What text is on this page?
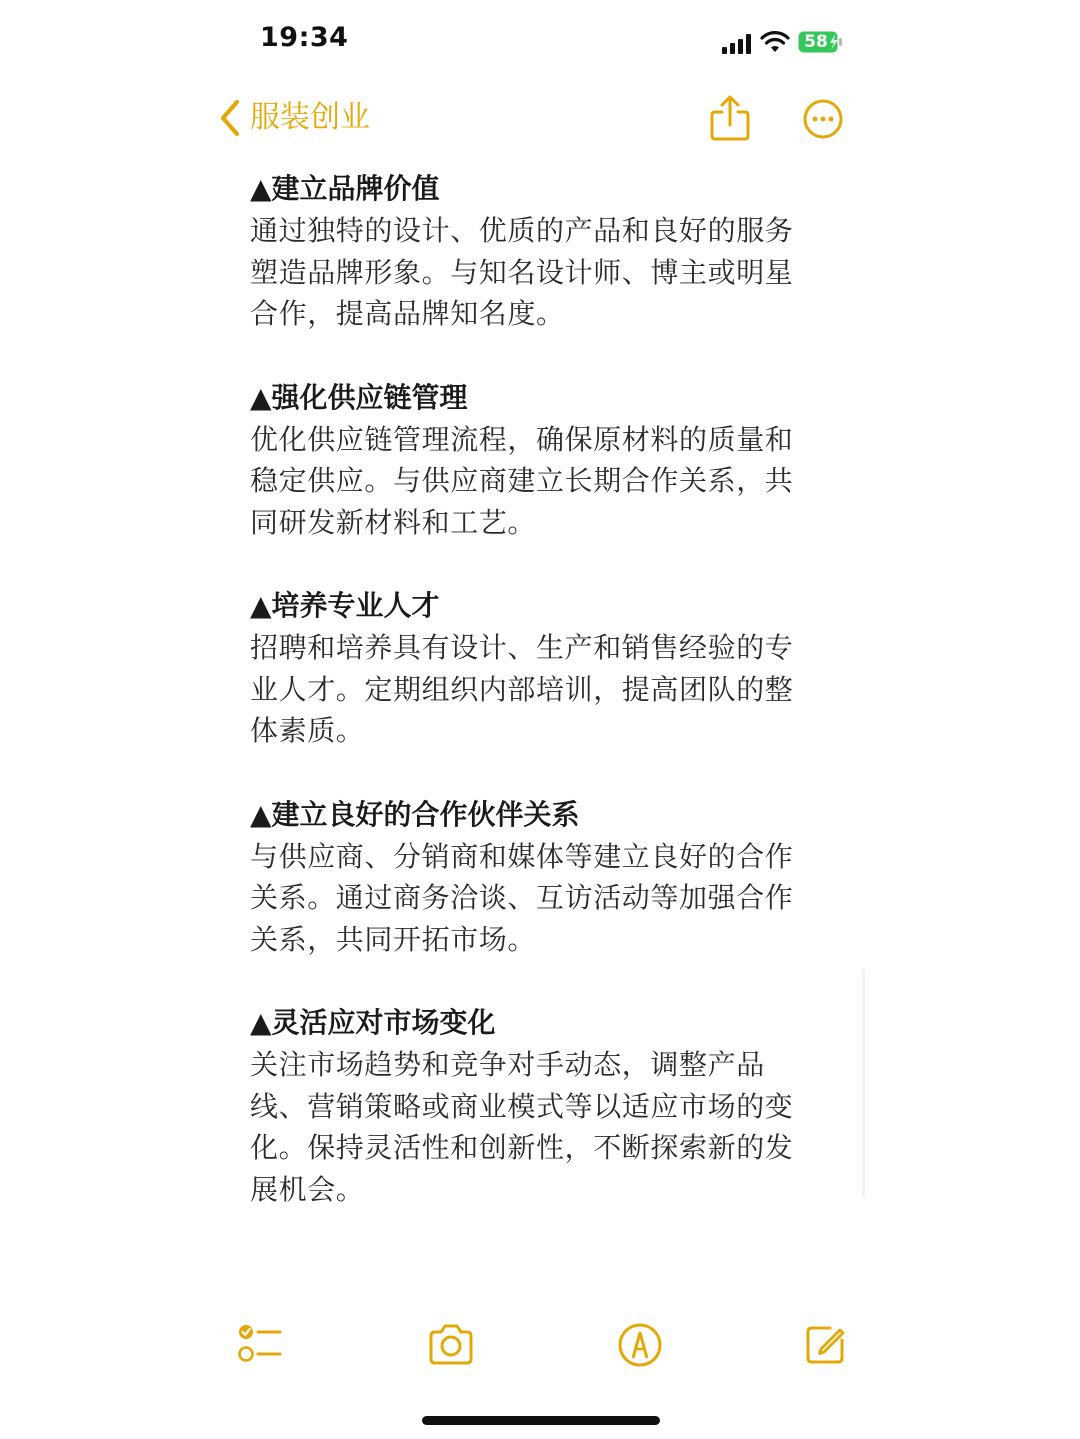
19:34	58
服装创业
▲建立品牌价值
通过独特的设计、优质的产品和良好的服务
塑造品牌形象。与知名设计师、博主或明星
合作，提高品牌知名度。
▲强化供应链管理
优化供应链管理流程，确保原材料的质量和
稳定供应。与供应商建立长期合作关系，共
同研发新材料和工艺。
▲培养专业人才
招聘和培养具有设计、生产和销售经验的专
业人才。定期组织内部培训，提高团队的整
体素质。
▲建立良好的合作伙伴关系
与供应商、分销商和媒体等建立良好的合作
关系。通过商务洽谈、互访活动等加强合作
关系，共同开拓市场。
▲灵活应对市场变化
关注市场趋势和竞争对手动态，调整产品
线、营销策略或商业模式等以适应市场的变
化。保持灵活性和创新性，不断探索新的发
展机会。
